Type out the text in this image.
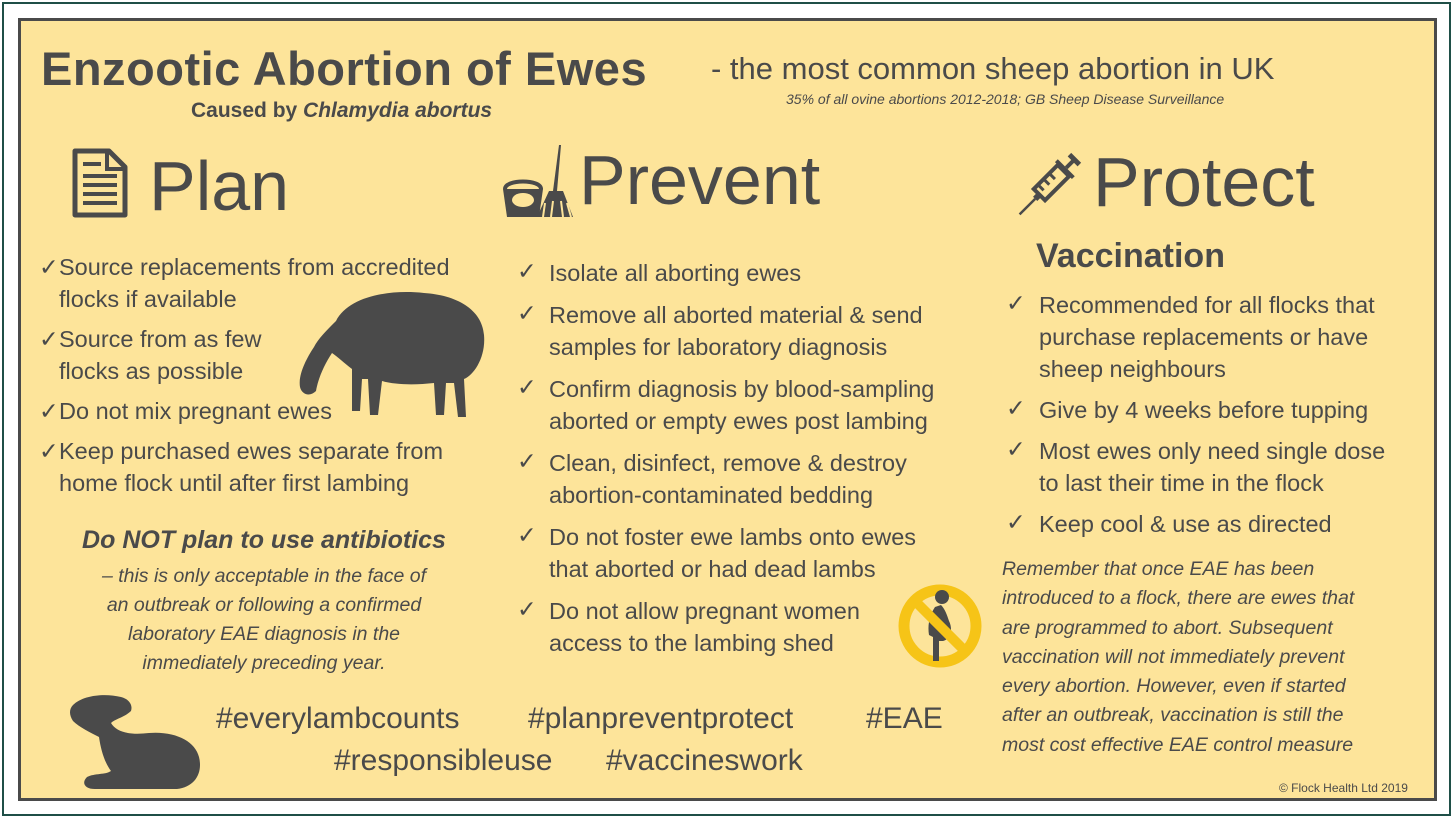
Enzootic Abortion of Ewes - the most common sheep abortion in UK
Caused by Chlamydia abortus	35% of all ovine abortions 2012-2018; GB Sheep Disease Surveillance
Plan
✓ Source replacements from accredited
flocks if available
✓ Source from as few
flocks as possible
✓ Do not mix pregnant ewes
✓ Keep purchased ewes separate from
home flock until after first lambing
Do NOT plan to use antibiotics
– this is only acceptable in the face of
an outbreak or following a confirmed
laboratory EAE diagnosis in the
immediately preceding year.
Prevent
✓ Isolate all aborting ewes
✓ Remove all aborted material & send
samples for laboratory diagnosis
✓ Confirm diagnosis by blood-sampling
aborted or empty ewes post lambing
✓ Clean, disinfect, remove & destroy
abortion-contaminated bedding
✓ Do not foster ewe lambs onto ewes
that aborted or had dead lambs
✓ Do not allow pregnant women
access to the lambing shed
Protect
Vaccination
✓ Recommended for all flocks that
purchase replacements or have
sheep neighbours
✓ Give by 4 weeks before tupping
✓ Most ewes only need single dose
to last their time in the flock
✓ Keep cool & use as directed
Remember that once EAE has been
introduced to a flock, there are ewes that
are programmed to abort. Subsequent
vaccination will not immediately prevent
every abortion. However, even if started
after an outbreak, vaccination is still the
most cost effective EAE control measure
#everylambcounts #planpreventprotect #EAE
#responsibleuse #vaccineswork
© Flock Health Ltd 2019
